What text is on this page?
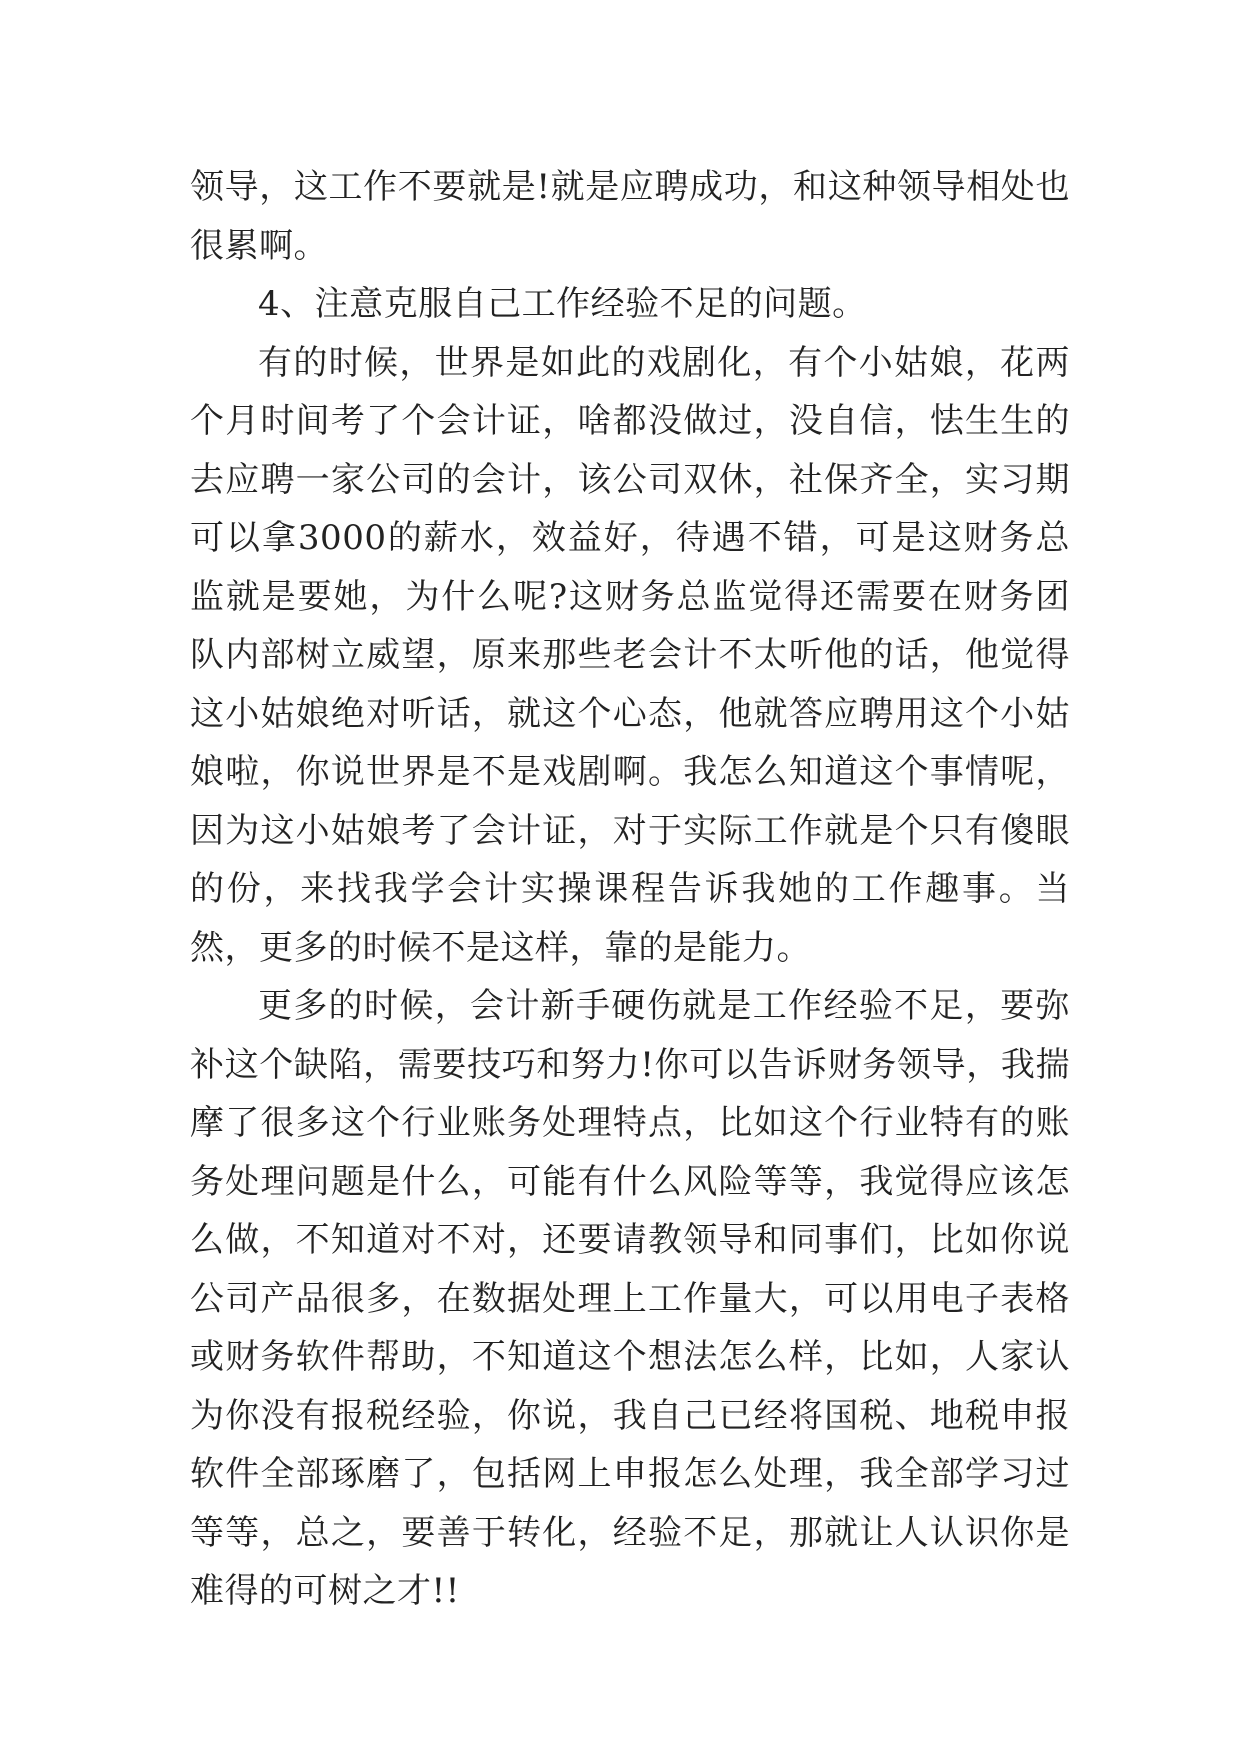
领导，这工作不要就是!就是应聘成功，和这种领导相处也很累啊。

4、注意克服自己工作经验不足的问题。

有的时候，世界是如此的戏剧化，有个小姑娘，花两个月时间考了个会计证，啥都没做过，没自信，怯生生的去应聘一家公司的会计，该公司双休，社保齐全，实习期可以拿3000的薪水，效益好，待遇不错，可是这财务总监就是要她，为什么呢?这财务总监觉得还需要在财务团队内部树立威望，原来那些老会计不太听他的话，他觉得这小姑娘绝对听话，就这个心态，他就答应聘用这个小姑娘啦，你说世界是不是戏剧啊。我怎么知道这个事情呢，因为这小姑娘考了会计证，对于实际工作就是个只有傻眼的份，来找我学会计实操课程告诉我她的工作趣事。当然，更多的时候不是这样，靠的是能力。

更多的时候，会计新手硬伤就是工作经验不足，要弥补这个缺陷，需要技巧和努力!你可以告诉财务领导，我揣摩了很多这个行业账务处理特点，比如这个行业特有的账务处理问题是什么，可能有什么风险等等，我觉得应该怎么做，不知道对不对，还要请教领导和同事们，比如你说公司产品很多，在数据处理上工作量大，可以用电子表格或财务软件帮助，不知道这个想法怎么样，比如，人家认为你没有报税经验，你说，我自己已经将国税、地税申报软件全部琢磨了，包括网上申报怎么处理，我全部学习过等等，总之，要善于转化，经验不足，那就让人认识你是难得的可树之才!!
